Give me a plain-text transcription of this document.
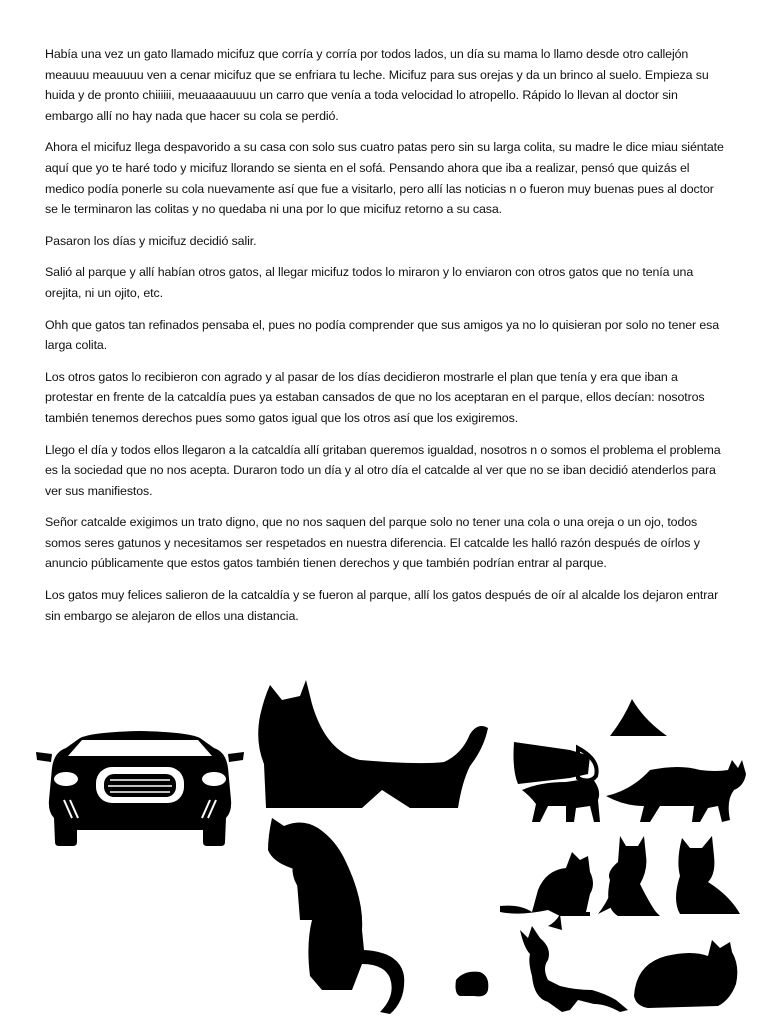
Había una vez un gato llamado micifuz que corría y corría por todos lados, un día su mama lo llamo desde otro callejón meauuu meauuuu ven a cenar micifuz que se enfriara tu leche. Micifuz para sus orejas y da un brinco al suelo. Empieza su huida y de pronto chiiiiii, meuaaaauuuu un carro que venía a toda velocidad lo atropello. Rápido lo llevan al doctor sin embargo allí no hay nada que hacer su cola se perdió.

Ahora el micifuz llega despavorido a su casa con solo sus cuatro patas pero sin su larga colita, su madre le dice miau siéntate aquí que yo te haré todo y micifuz llorando se sienta en el sofá. Pensando ahora que iba a realizar, pensó que quizás el medico podía ponerle su cola nuevamente así que fue a visitarlo, pero allí las noticias n o fueron muy buenas pues al doctor se le terminaron las colitas y no quedaba ni una por lo que micifuz retorno a su casa.

Pasaron los días y micifuz decidió salir.

Salió al parque y allí habían otros gatos, al llegar micifuz todos lo miraron y lo enviaron con otros gatos que no tenía una orejita, ni un ojito, etc.

Ohh que gatos tan refinados pensaba el, pues no podía comprender que sus amigos ya no lo quisieran por solo no tener esa larga colita.

Los otros gatos lo recibieron con agrado y al pasar de los días decidieron mostrarle el plan que tenía y era que iban a protestar en frente de la catcaldía pues ya estaban cansados de que no los aceptaran en el parque, ellos decían: nosotros también tenemos derechos pues somo gatos igual que los otros así que los exigiremos.

Llego el día y todos ellos llegaron a la catcaldía allí gritaban queremos igualdad, nosotros n o somos el problema el problema es la sociedad que no nos acepta. Duraron todo un día y al otro día el catcalde al ver que no se iban decidió atenderlos para ver sus manifiestos.

Señor catcalde exigimos un trato digno, que no nos saquen del parque solo no tener una cola o una oreja o un ojo, todos somos seres gatunos y necesitamos ser respetados en nuestra diferencia. El catcalde les halló razón después de oírlos y anuncio públicamente que estos gatos también tienen derechos y que también podrían entrar al parque.

Los gatos muy felices salieron de la catcaldía y se fueron al parque, allí los gatos después de oír al alcalde los dejaron entrar sin embargo se alejaron de ellos una distancia.
